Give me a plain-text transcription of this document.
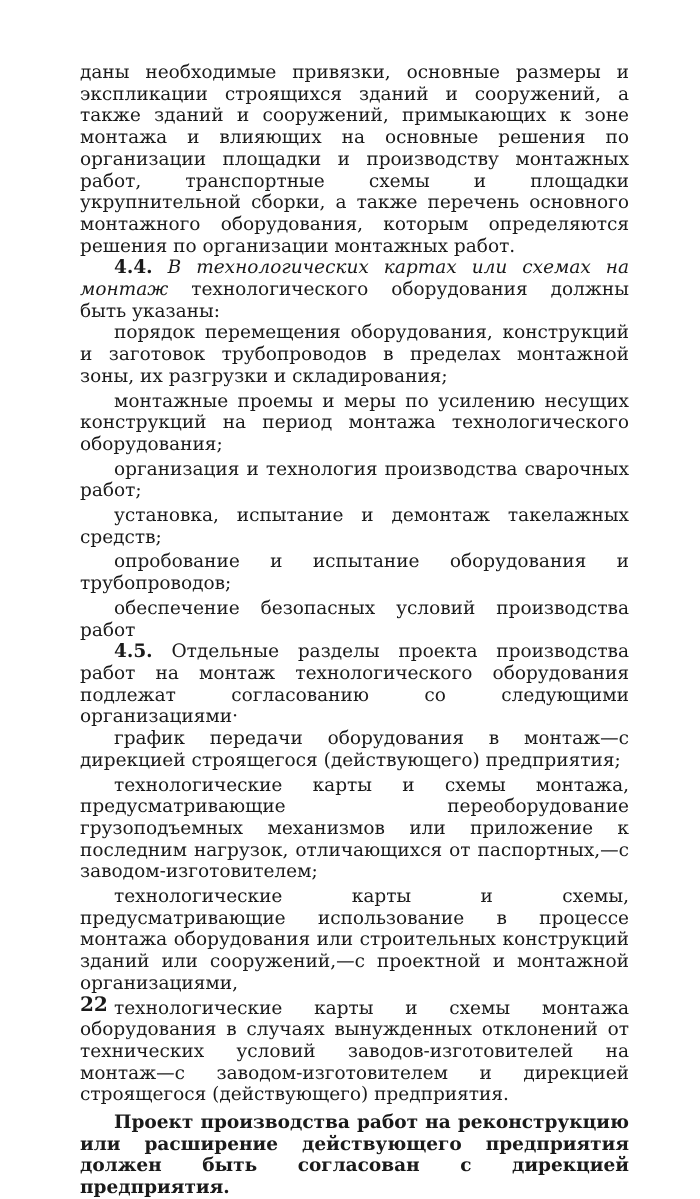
даны необходимые привязки, основные размеры и экспликации строящихся зданий и сооружений, а также зданий и сооружений, примыкающих к зоне монтажа и влияющих на основные решения по организации площадки и производству монтажных работ, транспортные схемы и площадки укрупнительной сборки, а также перечень основного монтажного оборудования, которым определяются решения по организации монтажных работ.

4.4. В технологических картах или схемах на монтаж технологического оборудования должны быть указаны:

порядок перемещения оборудования, конструкций и заготовок трубопроводов в пределах монтажной зоны, их разгрузки и складирования;

монтажные проемы и меры по усилению несущих конструкций на период монтажа технологического оборудования;

организация и технология производства сварочных работ;

установка, испытание и демонтаж такелажных средств;

опробование и испытание оборудования и трубопроводов;

обеспечение безопасных условий производства работ

4.5. Отдельные разделы проекта производства работ на монтаж технологического оборудования подлежат согласованию со следующими организациями·

график передачи оборудования в монтаж—с дирекцией строящегося (действующего) предприятия;

технологические карты и схемы монтажа, предусматривающие переоборудование грузоподъемных механизмов или приложение к последним нагрузок, отличающихся от паспортных,—с заводом-изготовителем;

технологические карты и схемы, предусматривающие использование в процессе монтажа оборудования или строительных конструкций зданий или сооружений,—с проектной и монтажной организациями,

технологические карты и схемы монтажа оборудования в случаях вынужденных отклонений от технических условий заводов-изготовителей на монтаж—с заводом-изготовителем и дирекцией строящегося (действующего) предприятия.

Проект производства работ на реконструкцию или расширение действующего предприятия должен быть согласован с дирекцией предприятия.

22
